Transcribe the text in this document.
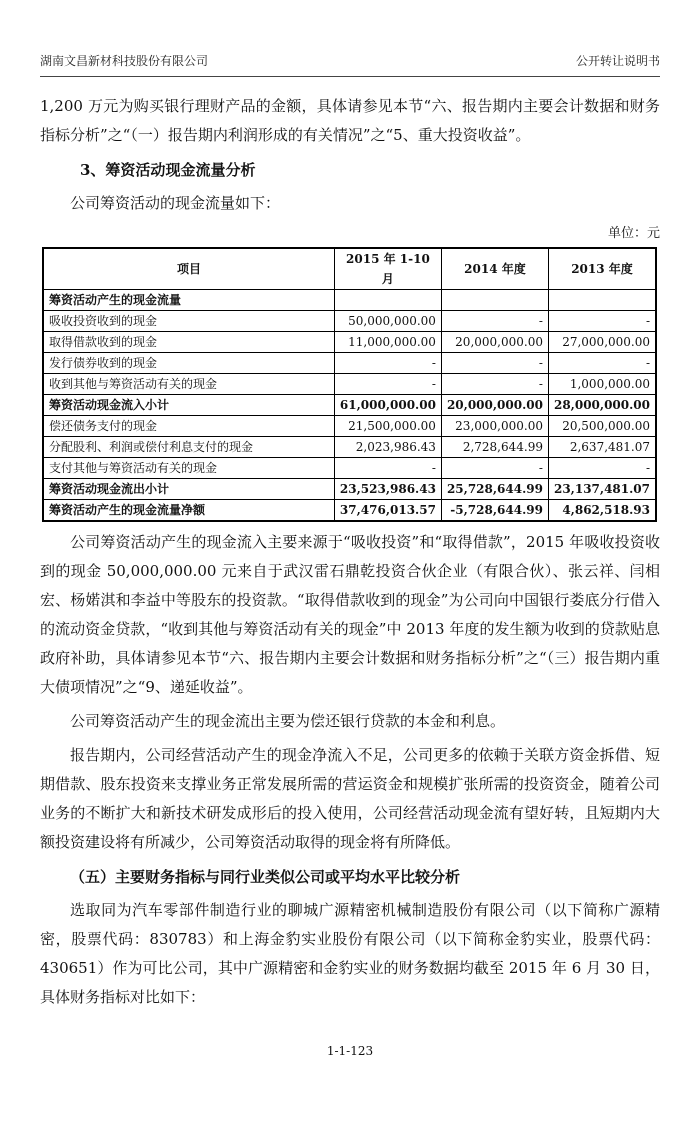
湖南文昌新材科技股份有限公司	公开转让说明书

1,200 万元为购买银行理财产品的金额，具体请参见本节“六、报告期内主要会计数据和财务指标分析”之“（一）报告期内利润形成的有关情况”之“5、重大投资收益”。

3、筹资活动现金流量分析

公司筹资活动的现金流量如下：

单位：元
项目	2015 年 1-10 月	2014 年度	2013 年度
筹资活动产生的现金流量			
吸收投资收到的现金	50,000,000.00	-	-
取得借款收到的现金	11,000,000.00	20,000,000.00	27,000,000.00
发行债券收到的现金	-	-	-
收到其他与筹资活动有关的现金	-	-	1,000,000.00
筹资活动现金流入小计	61,000,000.00	20,000,000.00	28,000,000.00
偿还债务支付的现金	21,500,000.00	23,000,000.00	20,500,000.00
分配股利、利润或偿付利息支付的现金	2,023,986.43	2,728,644.99	2,637,481.07
支付其他与筹资活动有关的现金	-	-	-
筹资活动现金流出小计	23,523,986.43	25,728,644.99	23,137,481.07
筹资活动产生的现金流量净额	37,476,013.57	-5,728,644.99	4,862,518.93

公司筹资活动产生的现金流入主要来源于“吸收投资”和“取得借款”，2015 年吸收投资收到的现金 50,000,000.00 元来自于武汉雷石鼎乾投资合伙企业（有限合伙）、张云祥、闫相宏、杨婼淇和李益中等股东的投资款。“取得借款收到的现金”为公司向中国银行娄底分行借入的流动资金贷款，“收到其他与筹资活动有关的现金”中 2013 年度的发生额为收到的贷款贴息政府补助，具体请参见本节“六、报告期内主要会计数据和财务指标分析”之“（三）报告期内重大债项情况”之“9、递延收益”。

公司筹资活动产生的现金流出主要为偿还银行贷款的本金和利息。

报告期内，公司经营活动产生的现金净流入不足，公司更多的依赖于关联方资金拆借、短期借款、股东投资来支撑业务正常发展所需的营运资金和规模扩张所需的投资资金，随着公司业务的不断扩大和新技术研发成形后的投入使用，公司经营活动现金流有望好转，且短期内大额投资建设将有所减少，公司筹资活动取得的现金将有所降低。

（五）主要财务指标与同行业类似公司或平均水平比较分析

选取同为汽车零部件制造行业的聊城广源精密机械制造股份有限公司（以下简称广源精密，股票代码：830783）和上海金豹实业股份有限公司（以下简称金豹实业，股票代码：430651）作为可比公司，其中广源精密和金豹实业的财务数据均截至 2015 年 6 月 30 日，具体财务指标对比如下：

1-1-123
